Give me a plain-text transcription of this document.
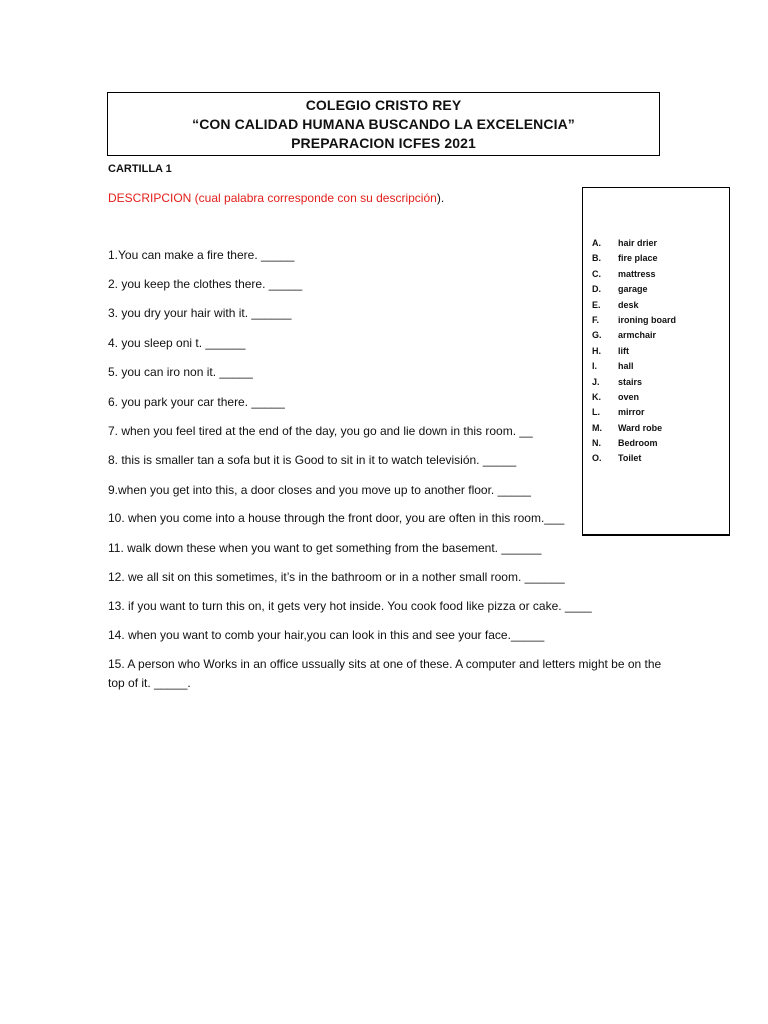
COLEGIO CRISTO REY
“CON CALIDAD HUMANA BUSCANDO LA EXCELENCIA”
PREPARACION ICFES 2021
CARTILLA 1
DESCRIPCION (cual palabra corresponde con su descripción).
1.You can make a fire there. _____
2. you keep the clothes there. _____
3. you dry your hair with it. ______
4. you sleep oni t. ______
5. you can iro non it. _____
6. you park your car there. _____
7. when you feel tired at the end of the day, you go and lie down in this room. __
8. this is smaller tan a sofa but it is Good to sit in it to watch televisión. _____
9.when you get into this, a door closes and you move up to another floor. _____
10. when you come into a house through the front door, you are often in this room.___
11. walk down these when you want to get something from the basement. ______
12. we all sit on this sometimes, it’s in the bathroom or in a nother small room. ______
13. if you want to turn this on, it gets very hot inside. You cook food like pizza or cake. ____
14. when you want to comb your hair,you can look in this and see your face._____
15. A person who Works in an office ussually sits at one of these. A computer and letters might be on the top of it. _____.
A. hair drier
B. fire place
C. mattress
D. garage
E. desk
F. ironing board
G. armchair
H. lift
I. hall
J. stairs
K. oven
L. mirror
M. Ward robe
N. Bedroom
O. Toilet
